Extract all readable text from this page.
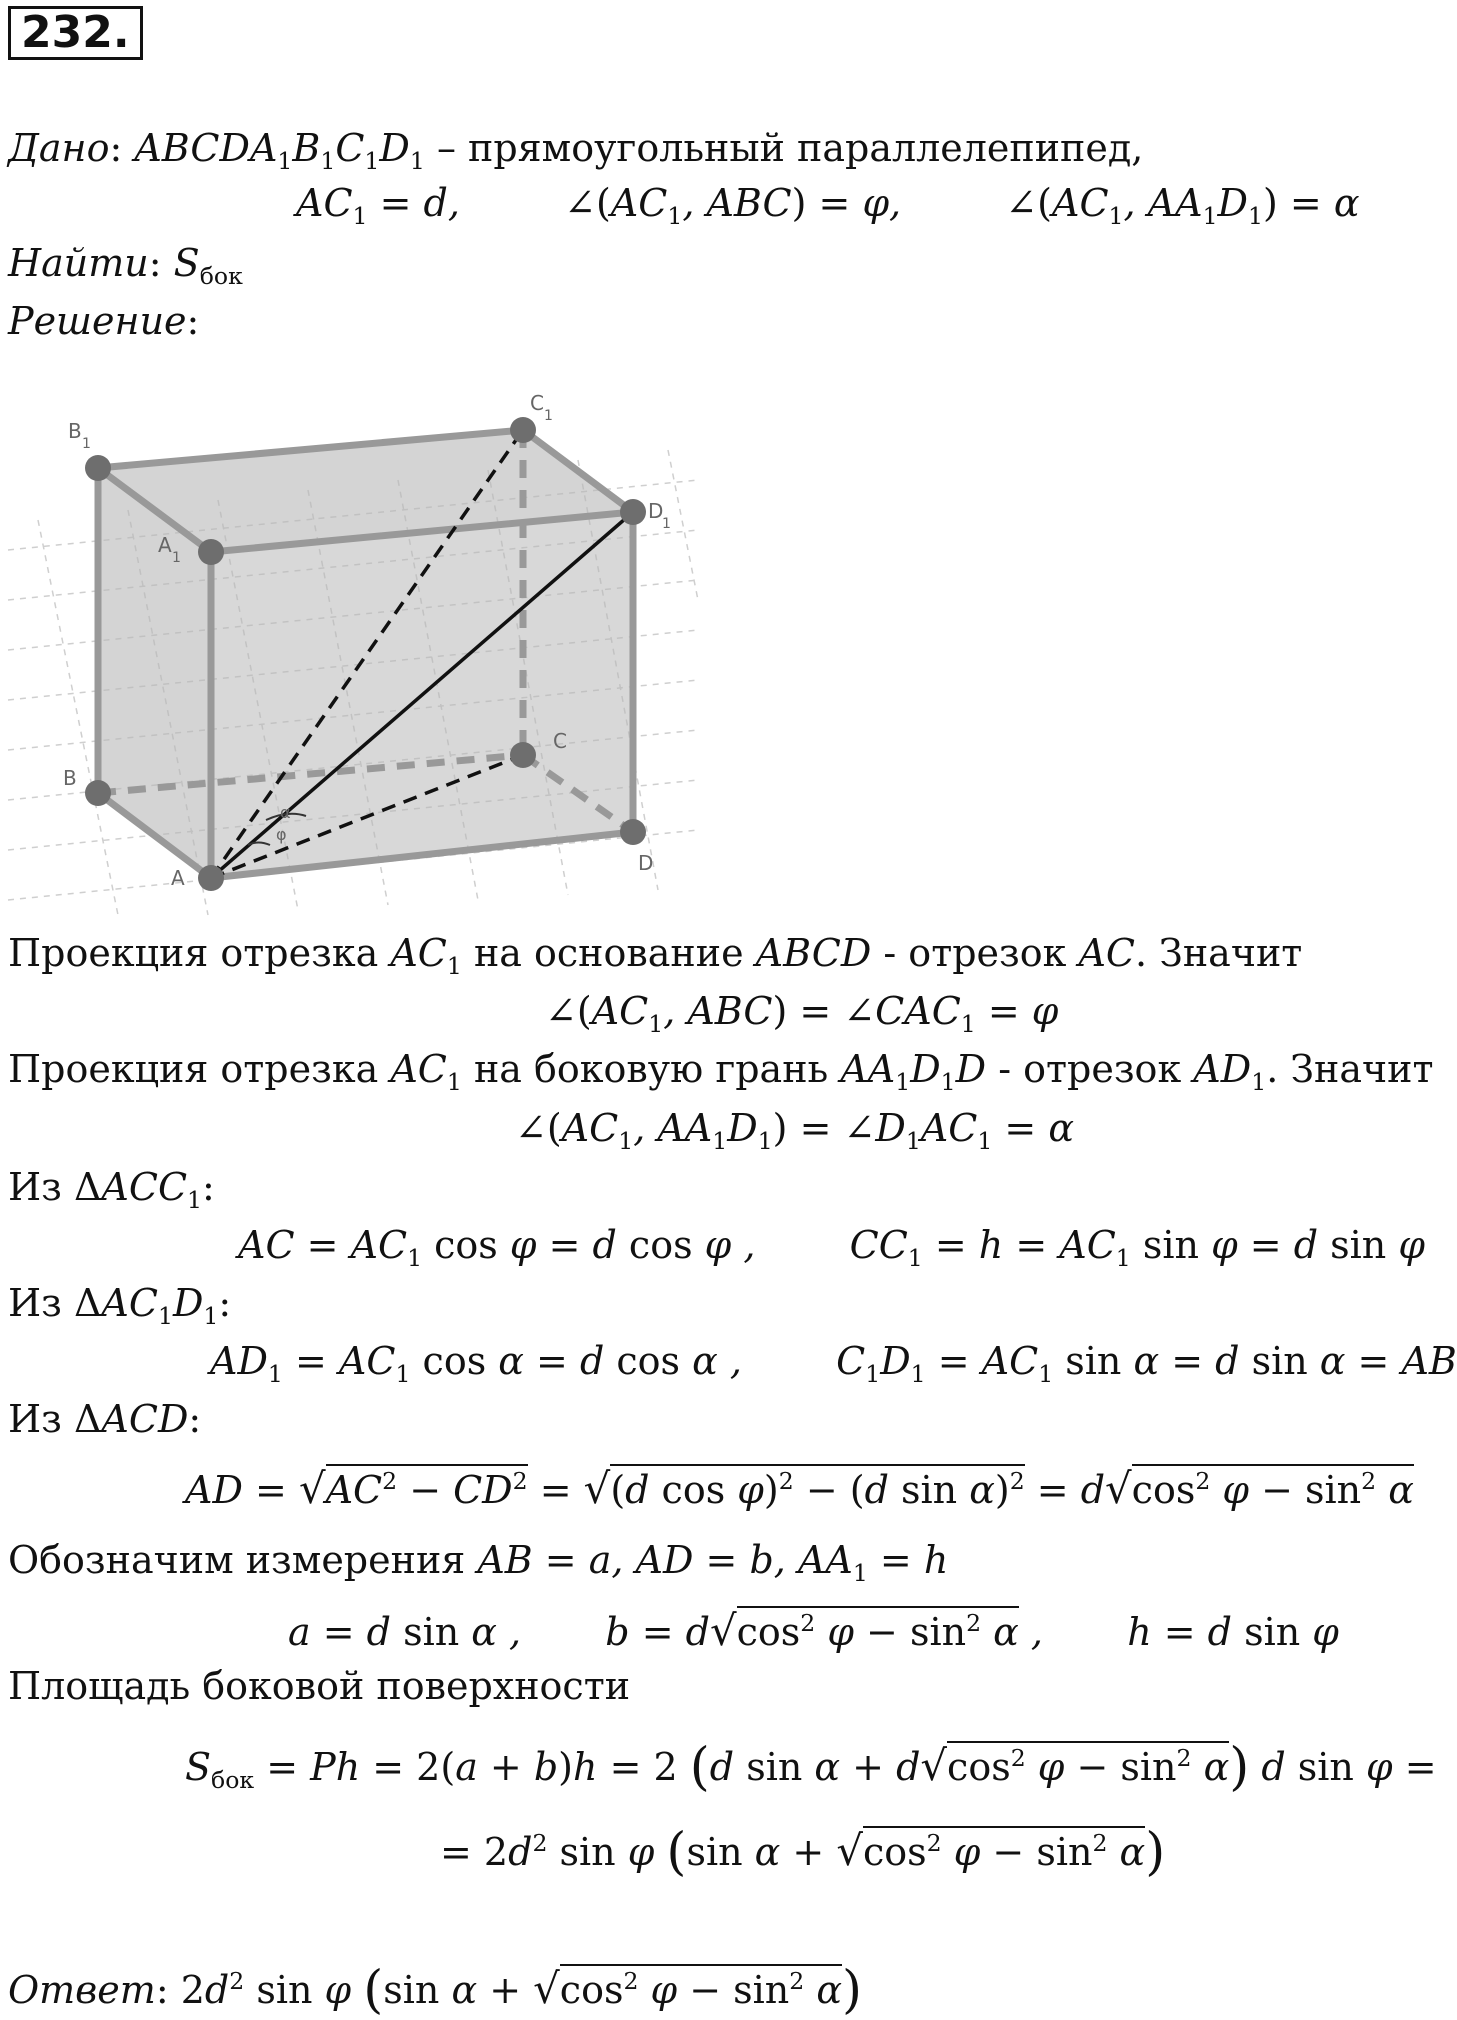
232.
Дано: $ABCDA_1B_1C_1D_1$ – прямоугольный параллелепипед,
$AC_1 = d$,	$\angle(AC_1$, ABC) = φ,	$\angle(AC_1$, $AA_1D_1) = \alpha$
Найти: $S_{бок}$
Решение:
B
1
C
1
D
1
A
1
B
C
D
A
α
φ
Проекция отрезка $AC_1$ на основание ABCD - отрезок AC. Значит
$\angle(AC_1$, $ABC) = \angle CAC_1 = \varphi$
Проекция отрезка $AC_1$ на боковую грань $AA_1D_1D$ - отрезок $AD_1$. Значит
$\angle(AC_1$, $AA_1D_1$) = $\angle D_1AC_1 = \alpha$
Из $\Delta ACC_1$:
AC = $AC_1$ cos φ = d cos φ , $CC_1 = h = AC_1$ sin φ = d sin φ
Из $\Delta AC_1D_1$:
$AD_1 = AC_1$ cos α = d cos α , $C_1D_1 = AC_1$ sin α = d sin α = AB
Из ΔACD:
AD = $√AC^2 - CD^2 = √(d$ cos φ)$^2$ − (d $\sin \alpha)^2 = d√\cos^2$ $\varphi - \sin^2 \alpha$
Обозначим измерения AB = a, AD = b, $AA_1 = h$
a = d sin α , $b = d√\cos^2$ $\varphi - \sin^2 \alpha$ , h = d sin φ
Площадь боковой поверхности
$S_{бок} = Ph = 2(a + b)h = 2$ (d $\sin \alpha + d√\cos^2$ $\varphi - \sin^2 \alpha$) d sin φ =
= $2d^2$ sin φ (sin $\alpha + √\cos^2$ $\varphi - \sin^2 \alpha$)
Ответ: $2d^2$ sin φ (sin $\alpha + √\cos^2$ $\varphi - \sin^2 \alpha$)
